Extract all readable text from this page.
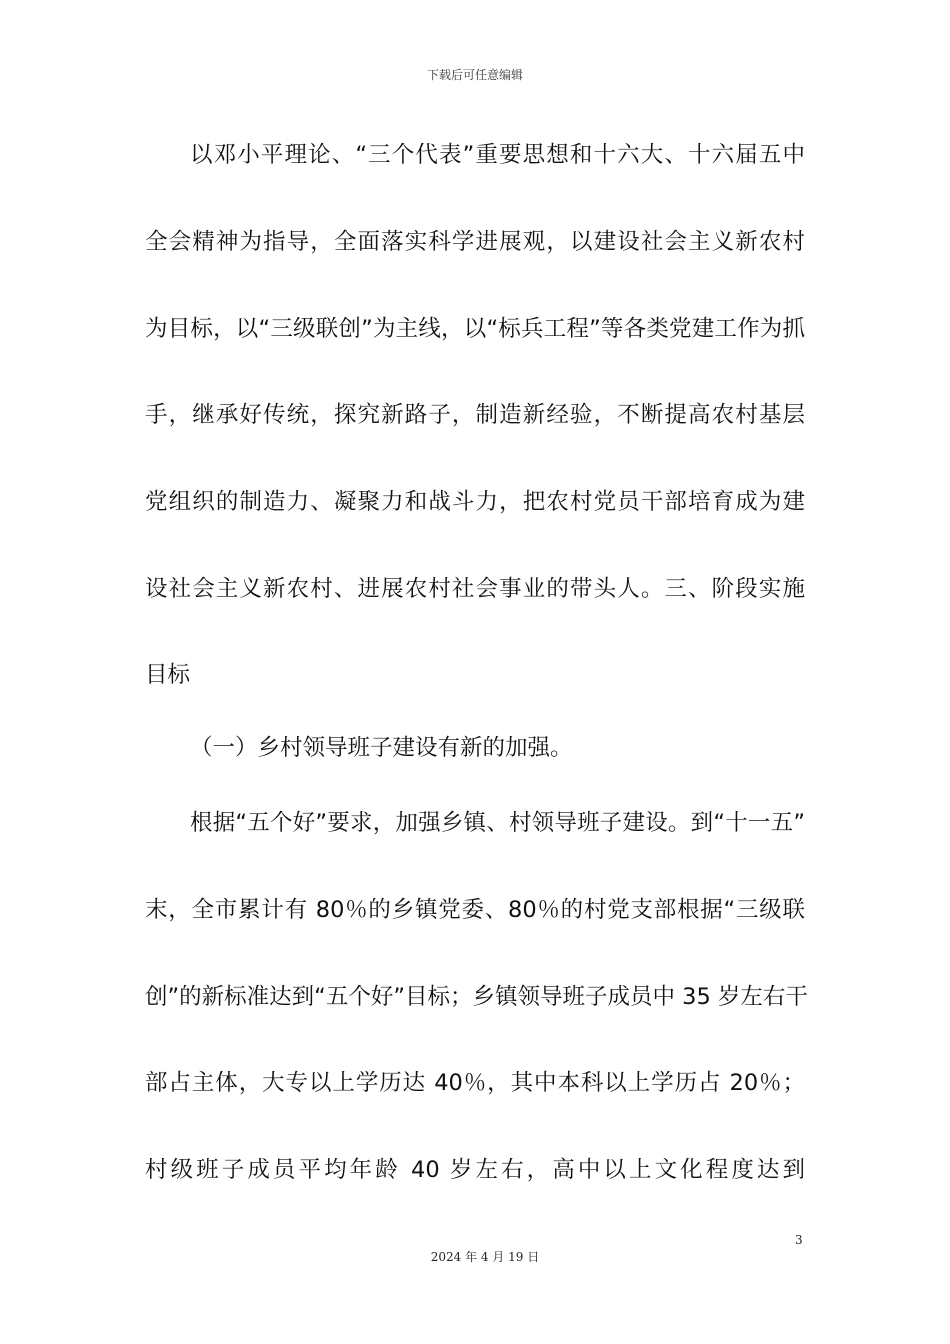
下载后可任意编辑
以邓小平理论、“三个代表”重要思想和十六大、十六届五中
全会精神为指导，全面落实科学进展观，以建设社会主义新农村
为目标，以“三级联创”为主线，以“标兵工程”等各类党建工作为抓
手，继承好传统，探究新路子，制造新经验，不断提高农村基层
党组织的制造力、凝聚力和战斗力，把农村党员干部培育成为建
设社会主义新农村、进展农村社会事业的带头人。三、阶段实施
目标
（一）乡村领导班子建设有新的加强。
根据“五个好”要求，加强乡镇、村领导班子建设。到“十一五”
末，全市累计有 80％的乡镇党委、80％的村党支部根据“三级联
创”的新标准达到“五个好”目标；乡镇领导班子成员中 35 岁左右干
部占主体，大专以上学历达 40％，其中本科以上学历占 20％；
村级班子成员平均年龄 40 岁左右，高中以上文化程度达到
3
2024 年 4 月 19 日
